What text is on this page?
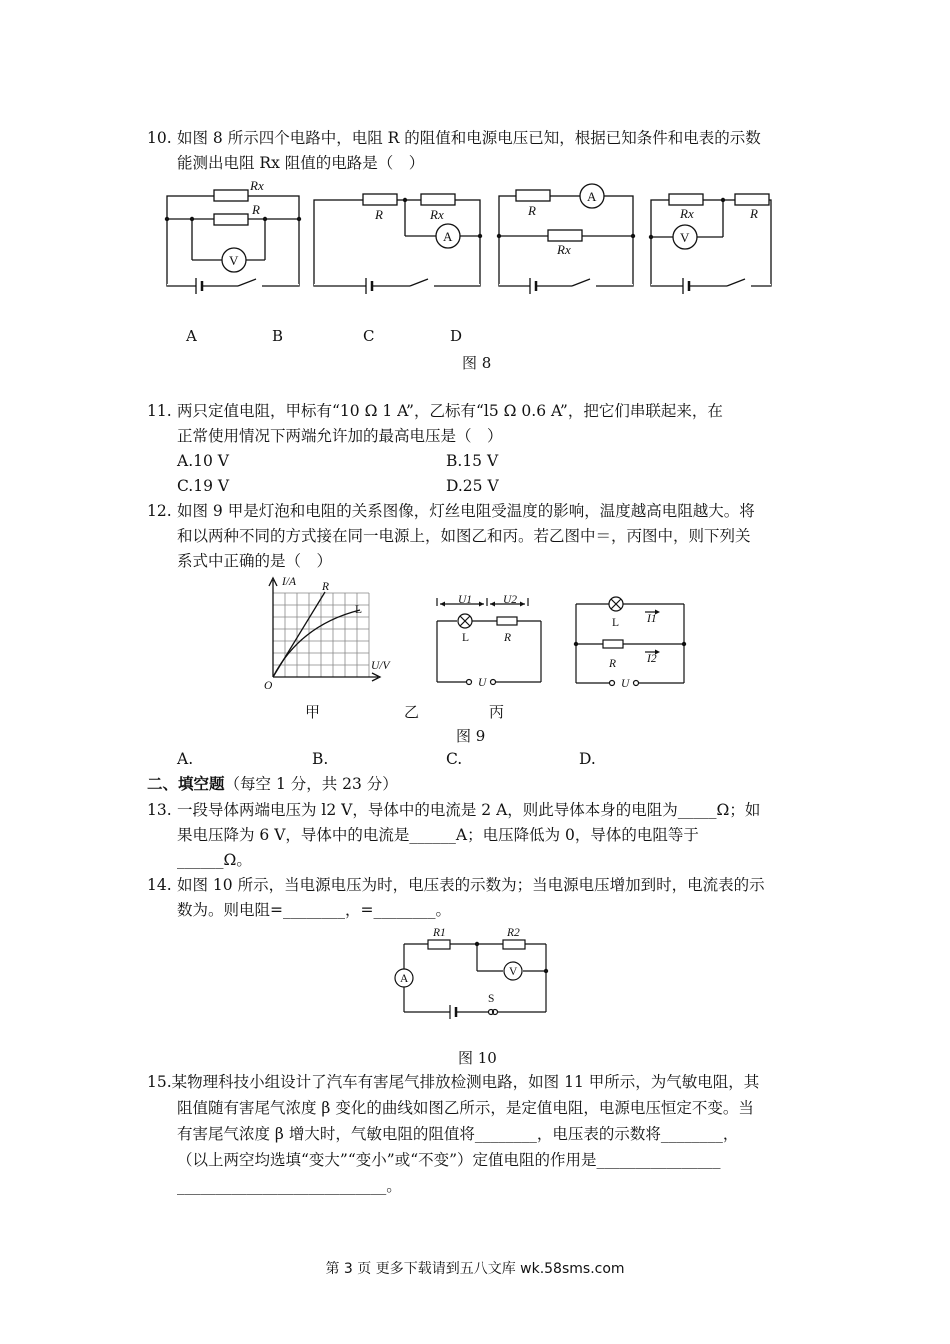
10. 如图 8 所示四个电路中，电阻 R 的阻值和电源电压已知，根据已知条件和电表的示数
能测出电阻 Rx 阻值的电路是（　）
Rx
R
V
R	Rx
A
R
A
Rx
Rx	R
V
A	B	C	D
图 8
11. 两只定值电阻，甲标有“10 Ω 1 A”，乙标有“l5 Ω 0.6 A”，把它们串联起来，在
正常使用情况下两端允许加的最高电压是（　）
A.10 V	B.15 V
C.19 V	D.25 V
12. 如图 9 甲是灯泡和电阻的关系图像，灯丝电阻受温度的影响，温度越高电阻越大。将
和以两种不同的方式接在同一电源上，如图乙和丙。若乙图中＝，丙图中，则下列关
系式中正确的是（　）
I/A
U/V
O
R
L
U1	U2
L	R
U
L
R
I1
I2
U
甲	乙	丙
图 9
A.	B.	C.	D.
二、填空题（每空 1 分，共 23 分）
13. 一段导体两端电压为 l2 V，导体中的电流是 2 A，则此导体本身的电阻为_____Ω；如
果电压降为 6 V，导体中的电流是______A；电压降低为 0，导体的电阻等于
______Ω。
14. 如图 10 所示，当电源电压为时，电压表的示数为；当电源电压增加到时，电流表的示
数为。则电阻=________，=________。
R1	R2
A
V
S
图 10
15.某物理科技小组设计了汽车有害尾气排放检测电路，如图 11 甲所示，为气敏电阻，其
阻值随有害尾气浓度 β 变化的曲线如图乙所示，是定值电阻，电源电压恒定不变。当
有害尾气浓度 β 增大时，气敏电阻的阻值将________，电压表的示数将________，
（以上两空均选填“变大”“变小”或“不变”）定值电阻的作用是________________
___________________________。
第 3 页 更多下载请到五八文库 wk.58sms.com
